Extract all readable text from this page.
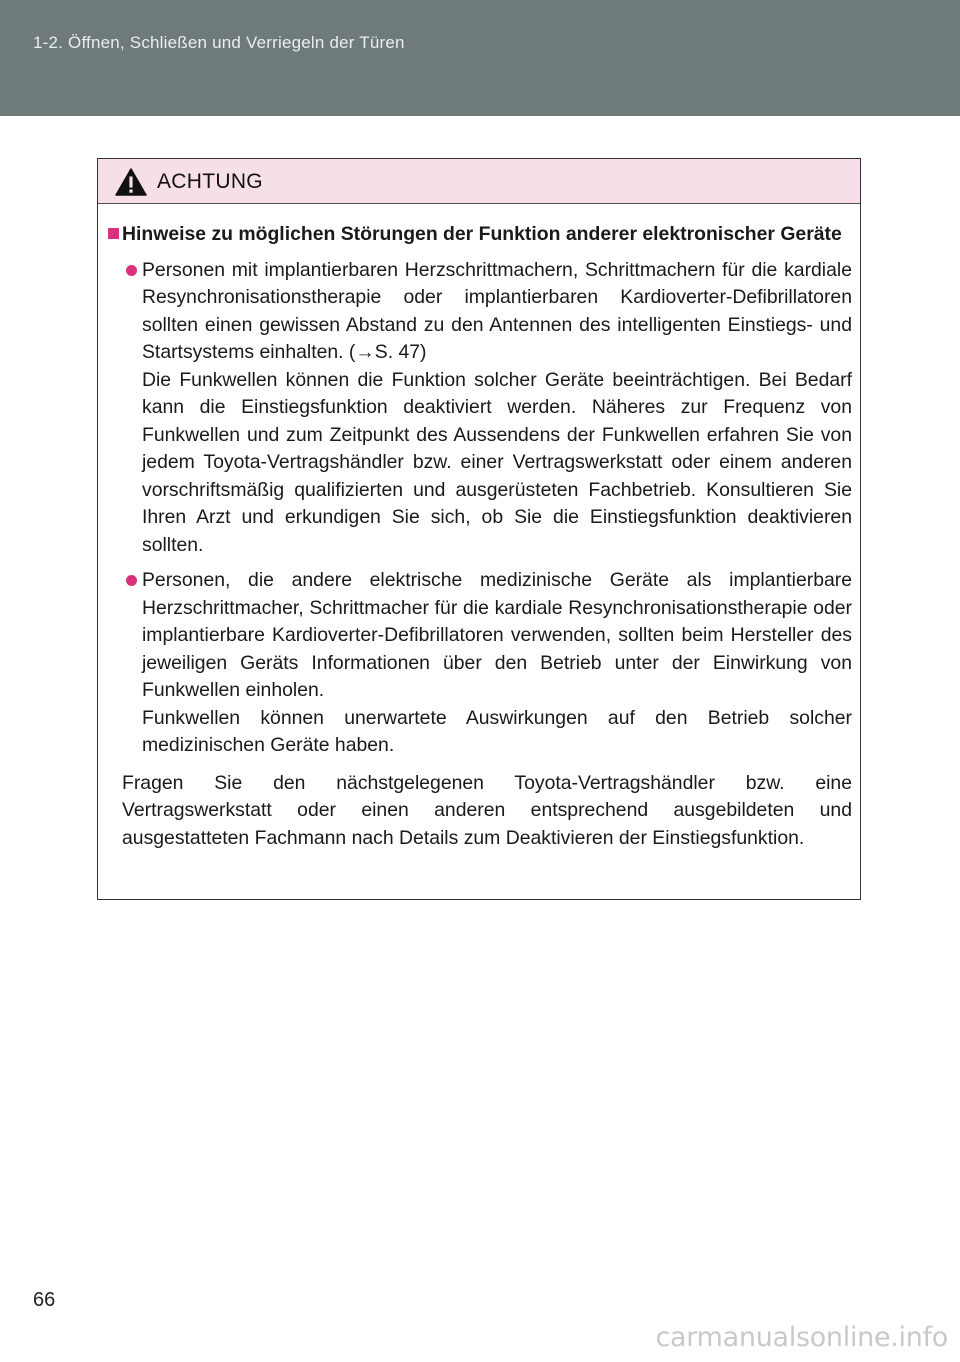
1-2. Öffnen, Schließen und Verriegeln der Türen
ACHTUNG
Hinweise zu möglichen Störungen der Funktion anderer elektronischer Geräte
Personen mit implantierbaren Herzschrittmachern, Schrittmachern für die kardiale Resynchronisationstherapie oder implantierbaren Kardioverter-Defibrillatoren sollten einen gewissen Abstand zu den Antennen des intelligenten Einstiegs- und Startsystems einhalten. (→S. 47)
Die Funkwellen können die Funktion solcher Geräte beeinträchtigen. Bei Bedarf kann die Einstiegsfunktion deaktiviert werden. Näheres zur Frequenz von Funkwellen und zum Zeitpunkt des Aussendens der Funkwellen erfahren Sie von jedem Toyota-Vertragshändler bzw. einer Vertragswerkstatt oder einem anderen vorschriftsmäßig qualifizierten und ausgerüsteten Fachbetrieb. Konsultieren Sie Ihren Arzt und erkundigen Sie sich, ob Sie die Einstiegsfunktion deaktivieren sollten.
Personen, die andere elektrische medizinische Geräte als implantierbare Herzschrittmacher, Schrittmacher für die kardiale Resynchronisationstherapie oder implantierbare Kardioverter-Defibrillatoren verwenden, sollten beim Hersteller des jeweiligen Geräts Informationen über den Betrieb unter der Einwirkung von Funkwellen einholen.
Funkwellen können unerwartete Auswirkungen auf den Betrieb solcher medizinischen Geräte haben.
Fragen Sie den nächstgelegenen Toyota-Vertragshändler bzw. eine Vertragswerkstatt oder einen anderen entsprechend ausgebildeten und ausgestatteten Fachmann nach Details zum Deaktivieren der Einstiegsfunktion.
66
carmanualsonline.info
